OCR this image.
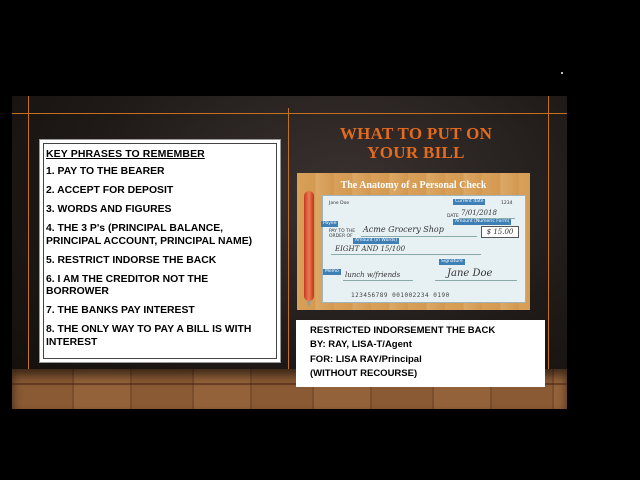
KEY PHRASES TO REMEMBER
1. PAY TO THE BEARER
2. ACCEPT FOR DEPOSIT
3. WORDS AND FIGURES
4. THE 3 P's (PRINCIPAL BALANCE, PRINCIPAL ACCOUNT, PRINCIPAL NAME)
5. RESTRICT INDORSE THE BACK
6. I AM THE CREDITOR NOT THE BORROWER
7. THE BANKS PAY INTEREST
8. THE ONLY WAY TO PAY A BILL IS WITH INTEREST
WHAT TO PUT ON
YOUR BILL
The Anatomy of a Personal Check
Jane Doe	1234
DATE 7/01/2018
Current date
Payee
PAY TO THE ORDER OF
Acme Grocery Shop
Amount (Numeric Form)
$ 15.00
Amount (in Words)
EIGHT AND 15/100
Signature
Memo lunch w/friends	Jane Doe
123456789 001002234 0190

RESTRICTED INDORSEMENT THE BACK

BY: RAY, LISA-T/Agent

FOR: LISA RAY/Principal

(WITHOUT RECOURSE)
